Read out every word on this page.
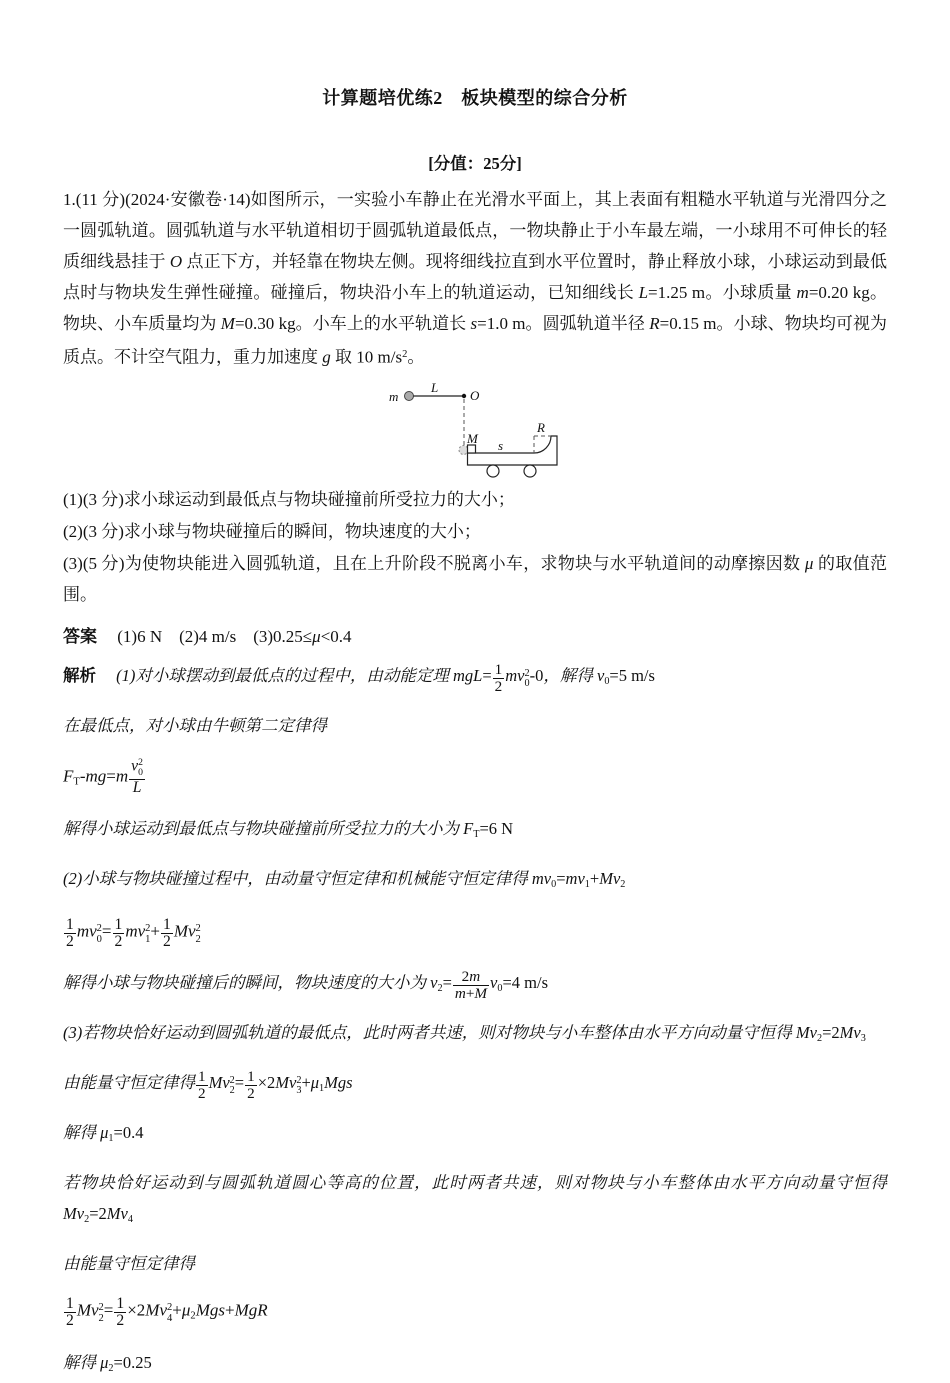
计算题培优练2　板块模型的综合分析

[分值：25分]

1.(11 分)(2024·安徽卷·14)如图所示，一实验小车静止在光滑水平面上，其上表面有粗糙水平轨道与光滑四分之一圆弧轨道。圆弧轨道与水平轨道相切于圆弧轨道最低点，一物块静止于小车最左端，一小球用不可伸长的轻质细线悬挂于 O 点正下方，并轻靠在物块左侧。现将细线拉直到水平位置时，静止释放小球，小球运动到最低点时与物块发生弹性碰撞。碰撞后，物块沿小车上的轨道运动，已知细线长 L=1.25 m。小球质量 m=0.20 kg。物块、小车质量均为 M=0.30 kg。小车上的水平轨道长 s=1.0 m。圆弧轨道半径 R=0.15 m。小球、物块均可视为质点。不计空气阻力，重力加速度 g 取 10 $m/s^2$。

m
L
O
M s
R

(1)(3 分)求小球运动到最低点与物块碰撞前所受拉力的大小；

(2)(3 分)求小球与物块碰撞后的瞬间，物块速度的大小；

(3)(5 分)为使物块能进入圆弧轨道，且在上升阶段不脱离小车，求物块与水平轨道间的动摩擦因数 μ 的取值范围。

答案 (1)6 N　(2)4 m/s　(3)0.25≤μ<0.4

解析 (1)对小球摆动到最低点的过程中，由动能定理 $mgL= \frac{1}{2}$ mv 2
0 -0，解得 $v_0=5$ m/s

在最低点，对小球由牛顿第二定律得

$F_T-mg=m$ v 2
0
L

解得小球运动到最低点与物块碰撞前所受拉力的大小为 $F_T=6$ N

(2)小球与物块碰撞过程中，由动量守恒定律和机械能守恒定律得 $mv_0=mv_1+Mv_2$

$\frac{1}{2}$ mv 2
$0 = \frac{1}{2}$ mv 2
$1 + \frac{1}{2}$ Mv 2
2

解得小球与物块碰撞后的瞬间，物块速度的大小为 $v_2= \frac{2m}{m+M} v_0=4$ m/s

(3)若物块恰好运动到圆弧轨道的最低点，此时两者共速，则对物块与小车整体由水平方向动量守恒得 $Mv_2=2Mv_3$

由能量守恒定律得 $\frac{1}{2}$ Mv 2
$2 = \frac{1}{2} \times 2Mv$ 2
$3 +\mu_1Mgs$

解得 $\mu_1=0.4$

若物块恰好运动到与圆弧轨道圆心等高的位置，此时两者共速，则对物块与小车整体由水平方向动量守恒得 $Mv_2=2Mv_4$

由能量守恒定律得

$\frac{1}{2}$ Mv 2
$2 = \frac{1}{2} \times 2Mv$ 2
$4 +\mu_2Mgs+MgR$

解得 $\mu_2=0.25$
